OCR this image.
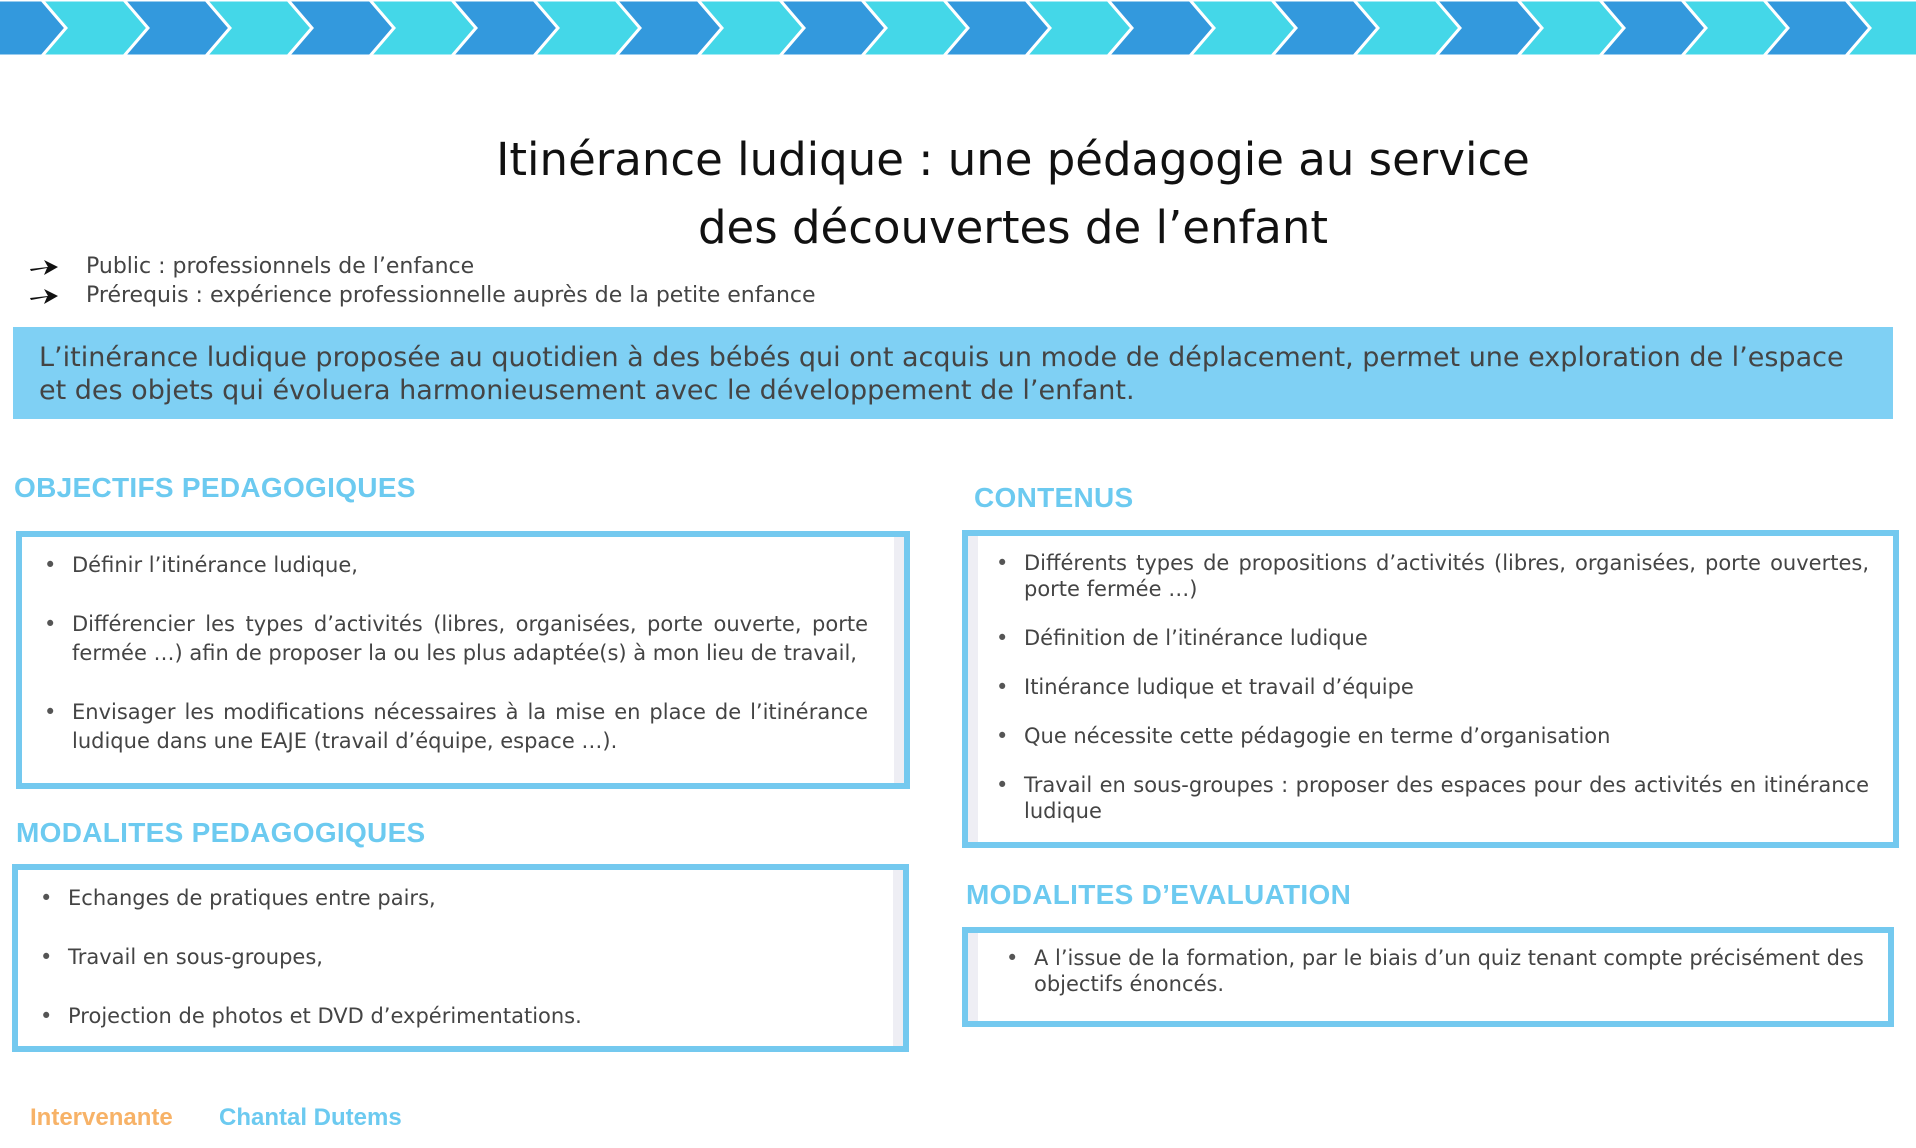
Itinérance ludique : une pédagogie au service
des découvertes de l’enfant
Public : professionnels de l’enfance
Prérequis : expérience professionnelle auprès de la petite enfance
L’itinérance ludique proposée au quotidien à des bébés qui ont acquis un mode de déplacement, permet une exploration de l’espace et des objets qui évoluera harmonieusement avec le développement de l’enfant.
OBJECTIFS PEDAGOGIQUES
• Définir l’itinérance ludique,
• Différencier les types d’activités (libres, organisées, porte ouverte, porte fermée …) afin de proposer la ou les plus adaptée(s) à mon lieu de travail,
• Envisager les modifications nécessaires à la mise en place de l’itinérance ludique dans une EAJE (travail d’équipe, espace …).
MODALITES PEDAGOGIQUES
• Echanges de pratiques entre pairs,
• Travail en sous-groupes,
• Projection de photos et DVD d’expérimentations.
CONTENUS
• Différents types de propositions d’activités (libres, organisées, porte ouvertes, porte fermée …)
• Définition de l’itinérance ludique
• Itinérance ludique et travail d’équipe
• Que nécessite cette pédagogie en terme d’organisation
• Travail en sous-groupes : proposer des espaces pour des activités en itinérance ludique
MODALITES D’EVALUATION
• A l’issue de la formation, par le biais d’un quiz tenant compte précisément des objectifs énoncés.
Intervenante Chantal Dutems
